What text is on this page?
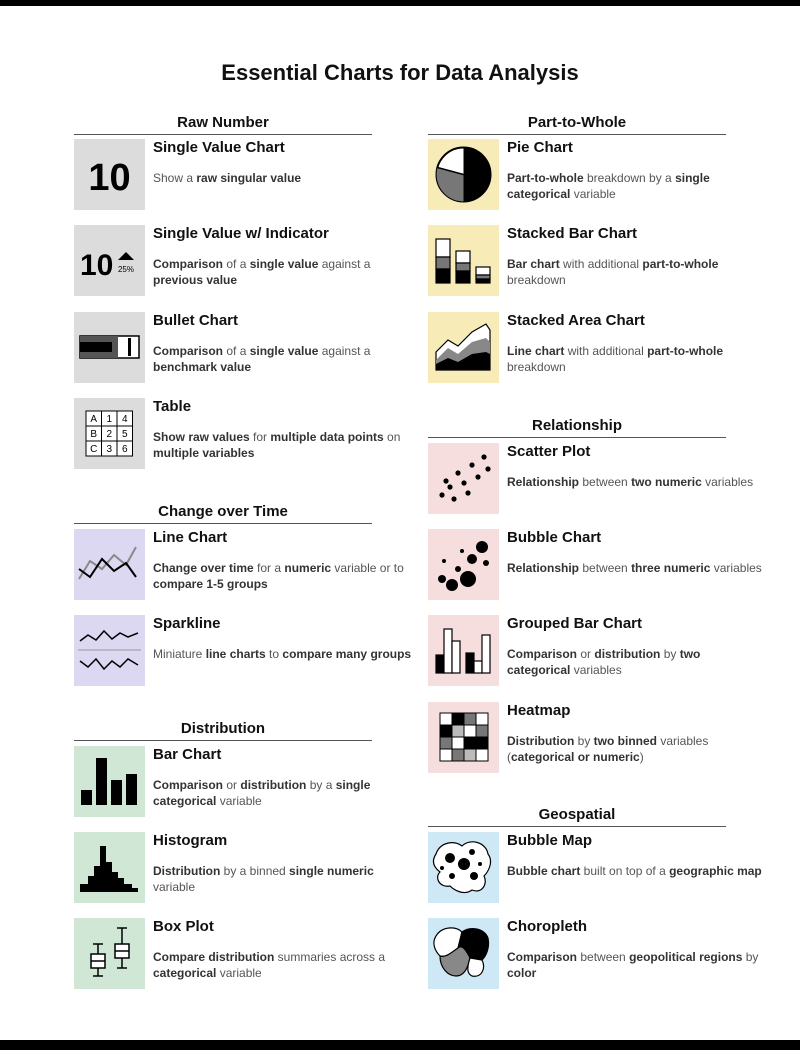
Essential Charts for Data Analysis
Raw Number
10
Single Value Chart
Show a raw singular value
10 25%
Single Value w/ Indicator
Comparison of a single value against a previous value
Bullet Chart
Comparison of a single value against a benchmark value
A 1 4
B 2 5
C 3 6
Table
Show raw values for multiple data points on multiple variables
Change over Time
Line Chart
Change over time for a numeric variable or to compare 1-5 groups
Sparkline
Miniature line charts to compare many groups
Distribution
Bar Chart
Comparison or distribution by a single categorical variable
Histogram
Distribution by a binned single numeric variable
Box Plot
Compare distribution summaries across a categorical variable
Part-to-Whole
Pie Chart
Part-to-whole breakdown by a single categorical variable
Stacked Bar Chart
Bar chart with additional part-to-whole breakdown
Stacked Area Chart
Line chart with additional part-to-whole breakdown
Relationship
Scatter Plot
Relationship between two numeric variables
Bubble Chart
Relationship between three numeric variables
Grouped Bar Chart
Comparison or distribution by two categorical variables
Heatmap
Distribution by two binned variables (categorical or numeric)
Geospatial
Bubble Map
Bubble chart built on top of a geographic map
Choropleth
Comparison between geopolitical regions by color
